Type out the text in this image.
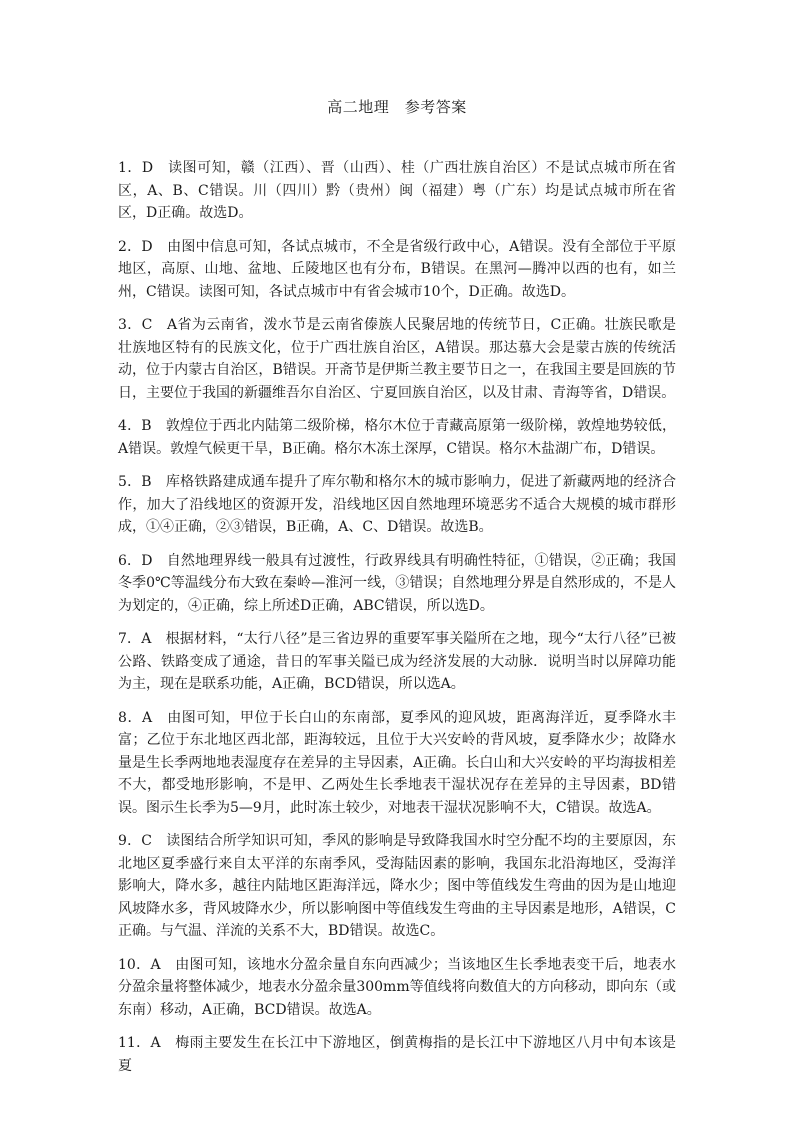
高二地理　参考答案
1．D　读图可知，赣（江西）、晋（山西）、桂（广西壮族自治区）不是试点城市所在省区，A、B、C错误。川（四川）黔（贵州）闽（福建）粤（广东）均是试点城市所在省区，D正确。故选D。
2．D　由图中信息可知，各试点城市，不全是省级行政中心，A错误。没有全部位于平原地区，高原、山地、盆地、丘陵地区也有分布，B错误。在黑河—腾冲以西的也有，如兰州，C错误。读图可知，各试点城市中有省会城市10个，D正确。故选D。
3．C　A省为云南省，泼水节是云南省傣族人民聚居地的传统节日，C正确。壮族民歌是壮族地区特有的民族文化，位于广西壮族自治区，A错误。那达慕大会是蒙古族的传统活动，位于内蒙古自治区，B错误。开斋节是伊斯兰教主要节日之一，在我国主要是回族的节日，主要位于我国的新疆维吾尔自治区、宁夏回族自治区，以及甘肃、青海等省，D错误。
4．B　敦煌位于西北内陆第二级阶梯，格尔木位于青藏高原第一级阶梯，敦煌地势较低，A错误。敦煌气候更干旱，B正确。格尔木冻土深厚，C错误。格尔木盐湖广布，D错误。
5．B　库格铁路建成通车提升了库尔勒和格尔木的城市影响力，促进了新藏两地的经济合作，加大了沿线地区的资源开发，沿线地区因自然地理环境恶劣不适合大规模的城市群形成，①④正确，②③错误，B正确，A、C、D错误。故选B。
6．D　自然地理界线一般具有过渡性，行政界线具有明确性特征，①错误，②正确；我国冬季0℃等温线分布大致在秦岭—淮河一线，③错误；自然地理分界是自然形成的，不是人为划定的，④正确，综上所述D正确，ABC错误，所以选D。
7．A　根据材料，“太行八径”是三省边界的重要军事关隘所在之地，现今“太行八径”已被公路、铁路变成了通途，昔日的军事关隘已成为经济发展的大动脉．说明当时以屏障功能为主，现在是联系功能，A正确，BCD错误，所以选A。
8．A　由图可知，甲位于长白山的东南部，夏季风的迎风坡，距离海洋近，夏季降水丰富；乙位于东北地区西北部，距海较远，且位于大兴安岭的背风坡，夏季降水少；故降水量是生长季两地地表湿度存在差异的主导因素，A正确。长白山和大兴安岭的平均海拔相差不大，都受地形影响，不是甲、乙两处生长季地表干湿状况存在差异的主导因素，BD错误。图示生长季为5—9月，此时冻土较少，对地表干湿状况影响不大，C错误。故选A。
9．C　读图结合所学知识可知，季风的影响是导致降我国水时空分配不均的主要原因，东北地区夏季盛行来自太平洋的东南季风，受海陆因素的影响，我国东北沿海地区，受海洋影响大，降水多，越往内陆地区距海洋远，降水少；图中等值线发生弯曲的因为是山地迎风坡降水多，背风坡降水少，所以影响图中等值线发生弯曲的主导因素是地形，A错误，C正确。与气温、洋流的关系不大，BD错误。故选C。
10．A　由图可知，该地水分盈余量自东向西减少；当该地区生长季地表变干后，地表水分盈余量将整体减少，地表水分盈余量300mm等值线将向数值大的方向移动，即向东（或东南）移动，A正确，BCD错误。故选A。
11．A　梅雨主要发生在长江中下游地区，倒黄梅指的是长江中下游地区八月中旬本该是夏
